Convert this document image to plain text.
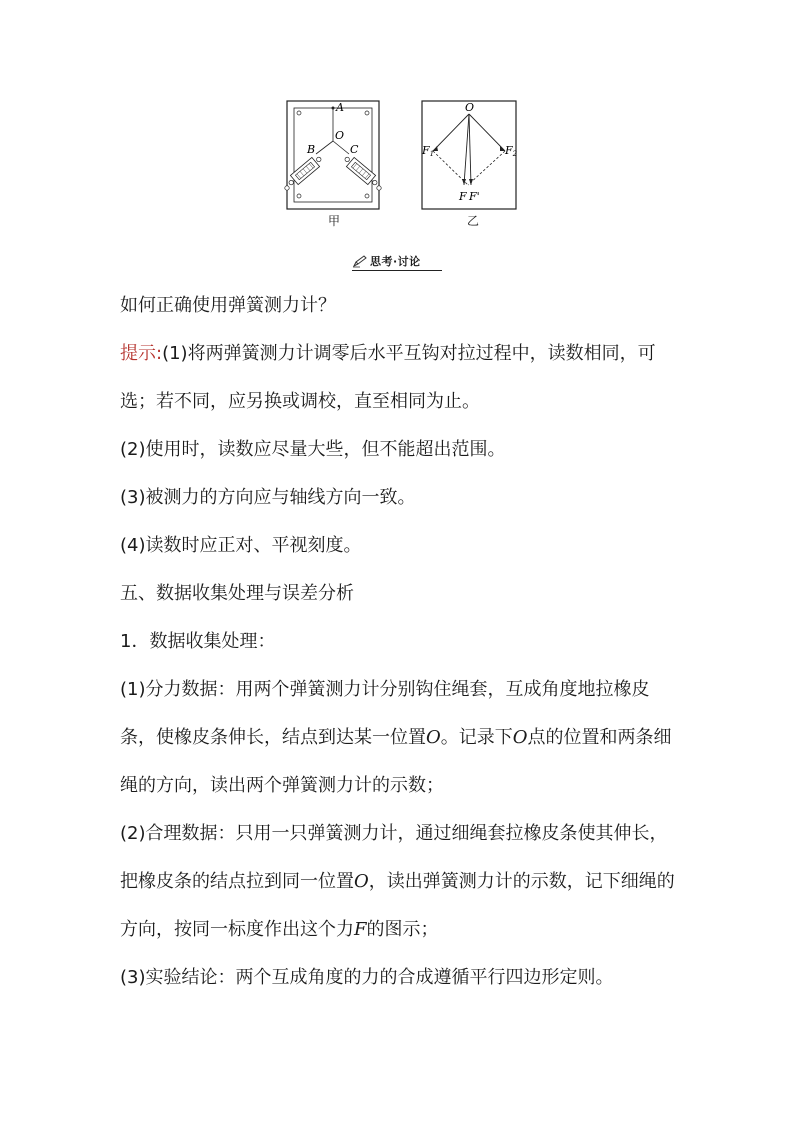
A
O
B	C
O
F1	F2
F F'
甲	乙
思考·讨论

如何正确使用弹簧测力计？

提示:(1)将两弹簧测力计调零后水平互钩对拉过程中，读数相同，可选；若不同，应另换或调校，直至相同为止。

(2)使用时，读数应尽量大些，但不能超出范围。

(3)被测力的方向应与轴线方向一致。

(4)读数时应正对、平视刻度。

五、数据收集处理与误差分析

1．数据收集处理：

(1)分力数据：用两个弹簧测力计分别钩住绳套，互成角度地拉橡皮条，使橡皮条伸长，结点到达某一位置O。记录下O点的位置和两条细绳的方向，读出两个弹簧测力计的示数；

(2)合理数据：只用一只弹簧测力计，通过细绳套拉橡皮条使其伸长，把橡皮条的结点拉到同一位置O，读出弹簧测力计的示数，记下细绳的方向，按同一标度作出这个力F的图示；

(3)实验结论：两个互成角度的力的合成遵循平行四边形定则。
